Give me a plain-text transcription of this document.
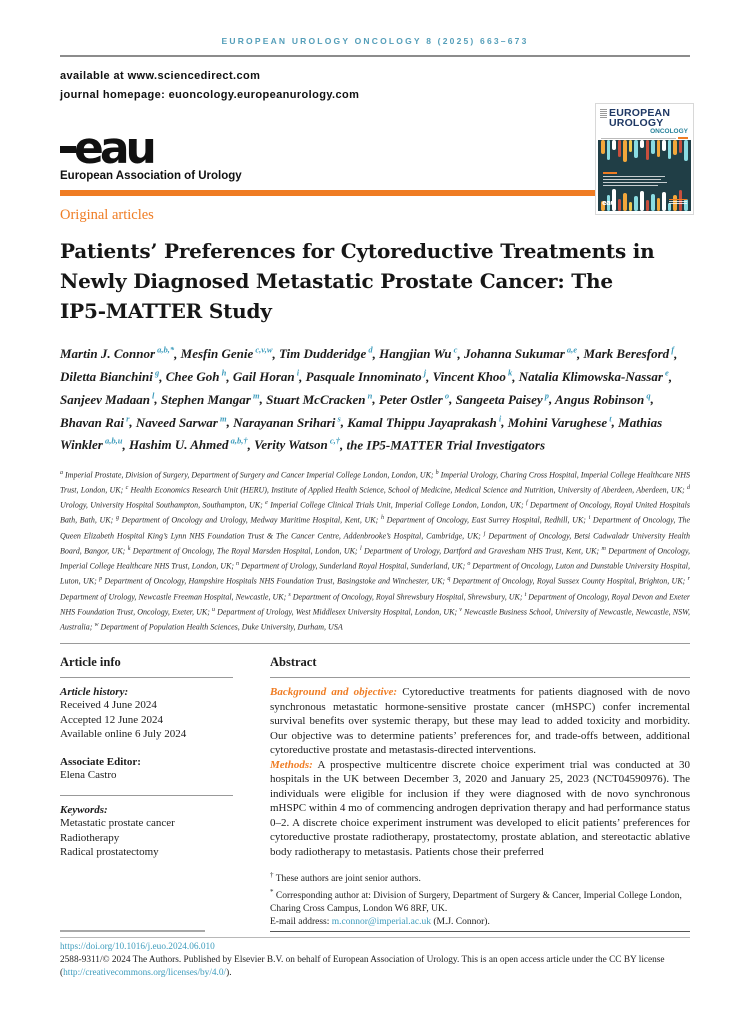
EUROPEAN UROLOGY ONCOLOGY 8 (2025) 663–673
available at www.sciencedirect.com
journal homepage: euoncology.europeanurology.com
eau
European Association of Urology
Original articles
Patients’ Preferences for Cytoreductive Treatments in Newly Diagnosed Metastatic Prostate Cancer: The IP5-MATTER Study
Martin J. Connor $^{a,b,*}$, Mesfin Genie $^{c,v,w}$, Tim Dudderidge $^d$, Hangjian Wu $^c$, Johanna Sukumar $^{a,e}$, Mark Beresford $^f$, Diletta Bianchini $^g$, Chee Goh $^h$, Gail Horan $^i$, Pasquale Innominato $^j$, Vincent Khoo $^k$, Natalia Klimowska-Nassar $^e$, Sanjeev Madaan $^l$, Stephen Mangar $^m$, Stuart McCracken $^n$, Peter Ostler $^o$, Sangeeta Paisey $^p$, Angus Robinson $^q$, Bhavan Rai $^r$, Naveed Sarwar $^m$, Narayanan Srihari $^s$, Kamal Thippu Jayaprakash $^i$, Mohini Varughese $^t$, Mathias Winkler $^{a,b,u}$, Hashim U. Ahmed $^{a,b,\dagger}$, Verity Watson $^{c,\dagger}$, the IP5-MATTER Trial Investigators
$^a$ Imperial Prostate, Division of Surgery, Department of Surgery and Cancer Imperial College London, London, UK; $^b$ Imperial Urology, Charing Cross Hospital, Imperial College Healthcare NHS Trust, London, UK; $^c$ Health Economics Research Unit (HERU), Institute of Applied Health Science, School of Medicine, Medical Science and Nutrition, University of Aberdeen, Aberdeen, UK; $^d$ Urology, University Hospital Southampton, Southampton, UK; $^e$ Imperial College Clinical Trials Unit, Imperial College London, London, UK; $^f$ Department of Oncology, Royal United Hospitals Bath, Bath, UK; $^g$ Department of Oncology and Urology, Medway Maritime Hospital, Kent, UK; $^h$ Department of Oncology, East Surrey Hospital, Redhill, UK; $^i$ Department of Oncology, The Queen Elizabeth Hospital King’s Lynn NHS Foundation Trust & The Cancer Centre, Addenbrooke’s Hospital, Cambridge, UK; $^j$ Department of Oncology, Betsi Cadwaladr University Health Board, Bangor, UK; $^k$ Department of Oncology, The Royal Marsden Hospital, London, UK; $^l$ Department of Urology, Dartford and Gravesham NHS Trust, Kent, UK; $^m$ Department of Oncology, Imperial College Healthcare NHS Trust, London, UK; $^n$ Department of Urology, Sunderland Royal Hospital, Sunderland, UK; $^o$ Department of Oncology, Luton and Dunstable University Hospital, Luton, UK; $^p$ Department of Oncology, Hampshire Hospitals NHS Foundation Trust, Basingstoke and Winchester, UK; $^q$ Department of Oncology, Royal Sussex County Hospital, Brighton, UK; $^r$ Department of Urology, Newcastle Freeman Hospital, Newcastle, UK; $^s$ Department of Oncology, Royal Shrewsbury Hospital, Shrewsbury, UK; $^t$ Department of Oncology, Royal Devon and Exeter NHS Foundation Trust, Oncology, Exeter, UK; $^u$ Department of Urology, West Middlesex University Hospital, London, UK; $^v$ Newcastle Business School, University of Newcastle, Newcastle, NSW, Australia; $^w$ Department of Population Health Sciences, Duke University, Durham, USA
Article info
Article history:
Received 4 June 2024
Accepted 12 June 2024
Available online 6 July 2024
Associate Editor:
Elena Castro
Keywords:
Metastatic prostate cancer
Radiotherapy
Radical prostatectomy
Abstract

Background and objective: Cytoreductive treatments for patients diagnosed with de novo synchronous metastatic hormone-sensitive prostate cancer (mHSPC) confer incremental survival benefits over systemic therapy, but these may lead to added toxicity and morbidity. Our objective was to determine patients’ preferences for, and trade-offs between, additional cytoreductive prostate and metastasis-directed interventions.

Methods: A prospective multicentre discrete choice experiment trial was conducted at 30 hospitals in the UK between December 3, 2020 and January 25, 2023 (NCT04590976). The individuals were eligible for inclusion if they were diagnosed with de novo synchronous mHSPC within 4 mo of commencing androgen deprivation therapy and had performance status 0–2. A discrete choice experiment instrument was developed to elicit patients’ preferences for cytoreductive prostate radiotherapy, prostatectomy, prostate ablation, and stereotactic ablative body radiotherapy to metastasis. Patients chose their preferred

† These authors are joint senior authors.
* Corresponding author at: Division of Surgery, Department of Surgery & Cancer, Imperial College London, Charing Cross Campus, London W6 8RF, UK.
E-mail address: m.connor@imperial.ac.uk (M.J. Connor).
https://doi.org/10.1016/j.euo.2024.06.010
2588-9311/© 2024 The Authors. Published by Elsevier B.V. on behalf of European Association of Urology. This is an open access article under the CC BY license (http://creativecommons.org/licenses/by/4.0/).
EUROPEAN
UROLOGY
ONCOLOGY
eau
